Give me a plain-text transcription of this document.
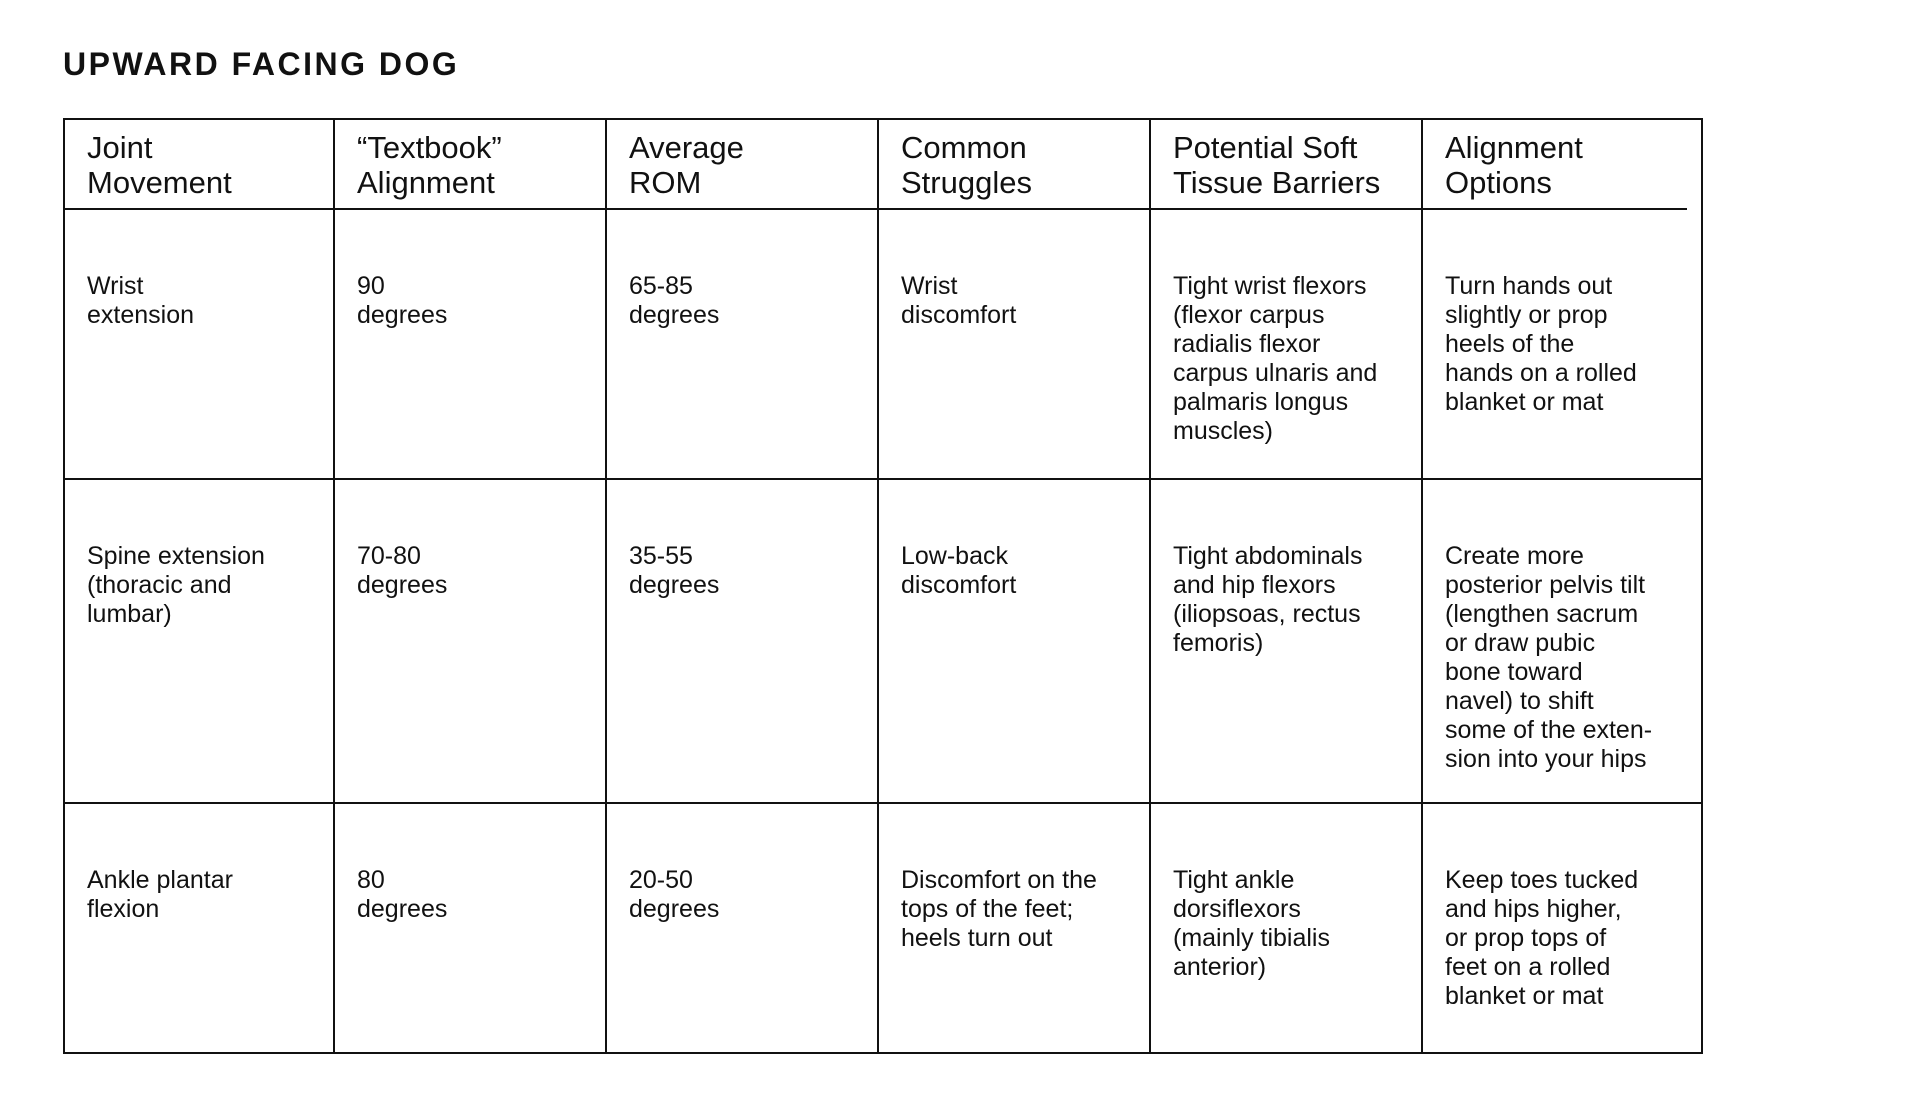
UPWARD FACING DOG
Joint
Movement
“Textbook”
Alignment
Average
ROM
Common
Struggles
Potential Soft
Tissue Barriers
Alignment
Options
Wrist
extension
90
degrees
65-85
degrees
Wrist
discomfort
Tight wrist flexors
(flexor carpus
radialis flexor
carpus ulnaris and
palmaris longus
muscles)
Turn hands out
slightly or prop
heels of the
hands on a rolled
blanket or mat
Spine extension
(thoracic and
lumbar)
70-80
degrees
35-55
degrees
Low-back
discomfort
Tight abdominals
and hip flexors
(iliopsoas, rectus
femoris)
Create more
posterior pelvis tilt
(lengthen sacrum
or draw pubic
bone toward
navel) to shift
some of the exten-
sion into your hips
Ankle plantar
flexion
80
degrees
20-50
degrees
Discomfort on the
tops of the feet;
heels turn out
Tight ankle
dorsiflexors
(mainly tibialis
anterior)
Keep toes tucked
and hips higher,
or prop tops of
feet on a rolled
blanket or mat
